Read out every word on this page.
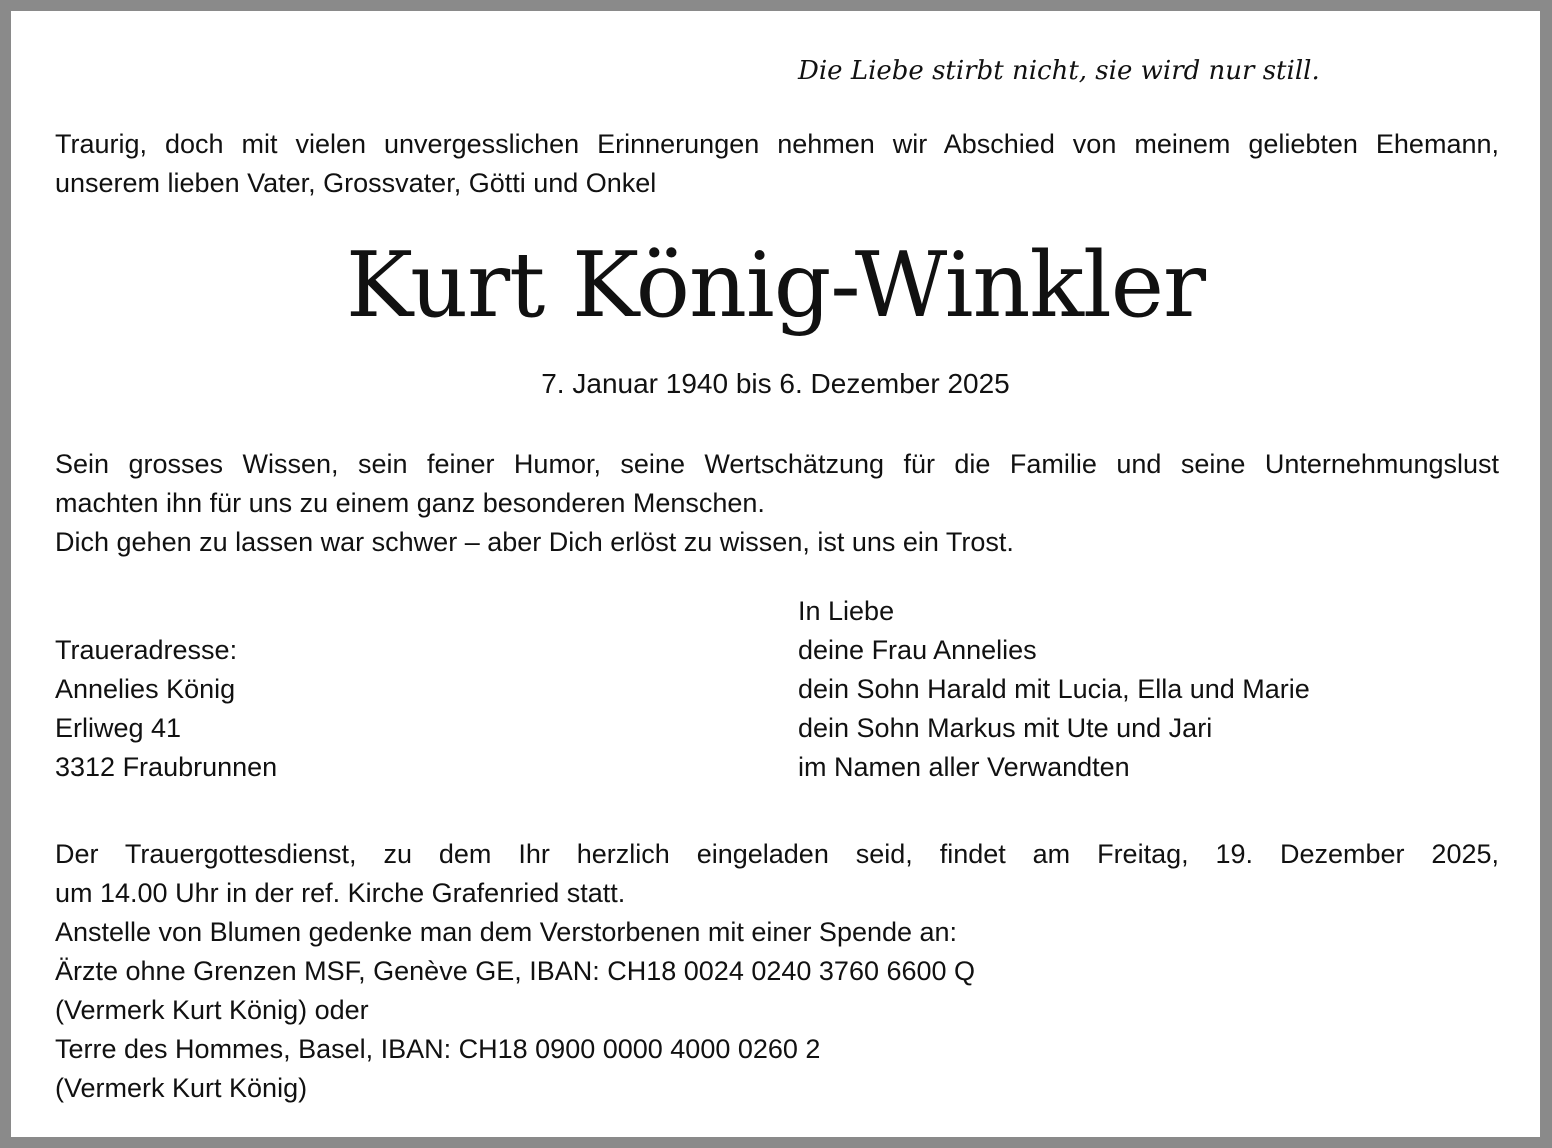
Die Liebe stirbt nicht, sie wird nur still.

Traurig, doch mit vielen unvergesslichen Erinnerungen nehmen wir Abschied von meinem geliebten Ehemann,
unserem lieben Vater, Grossvater, Götti und Onkel
Kurt König-Winkler

7. Januar 1940 bis 6. Dezember 2025

Sein grosses Wissen, sein feiner Humor, seine Wertschätzung für die Familie und seine Unternehmungslust
machten ihn für uns zu einem ganz besonderen Menschen.
Dich gehen zu lassen war schwer – aber Dich erlöst zu wissen, ist uns ein Trost.
In Liebe
deine Frau Annelies
dein Sohn Harald mit Lucia, Ella und Marie
dein Sohn Markus mit Ute und Jari
im Namen aller Verwandten
Traueradresse:
Annelies König
Erliweg 41
3312 Fraubrunnen
Der Trauergottesdienst, zu dem Ihr herzlich eingeladen seid, findet am Freitag, 19. Dezember 2025,
um 14.00 Uhr in der ref. Kirche Grafenried statt.
Anstelle von Blumen gedenke man dem Verstorbenen mit einer Spende an:
Ärzte ohne Grenzen MSF, Genève GE, IBAN: CH18 0024 0240 3760 6600 Q
(Vermerk Kurt König) oder
Terre des Hommes, Basel, IBAN: CH18 0900 0000 4000 0260 2
(Vermerk Kurt König)
